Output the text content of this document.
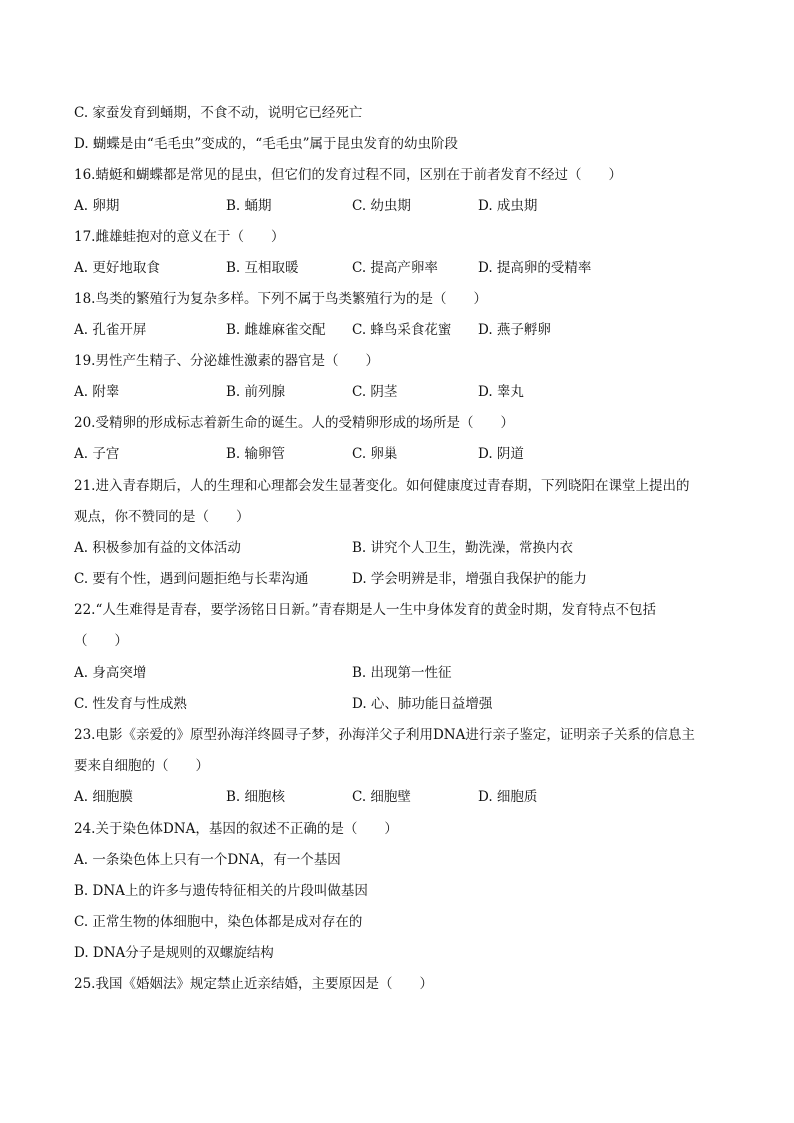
C. 家蚕发育到蛹期，不食不动，说明它已经死亡
D. 蝴蝶是由“毛毛虫”变成的，“毛毛虫”属于昆虫发育的幼虫阶段
16.蜻蜓和蝴蝶都是常见的昆虫，但它们的发育过程不同，区别在于前者发育不经过（　　）
A. 卵期	B. 蛹期	C. 幼虫期	D. 成虫期
17.雌雄蛙抱对的意义在于（　　）
A. 更好地取食	B. 互相取暖	C. 提高产卵率	D. 提高卵的受精率
18.鸟类的繁殖行为复杂多样。下列不属于鸟类繁殖行为的是（　　）
A. 孔雀开屏	B. 雌雄麻雀交配 C. 蜂鸟采食花蜜 D. 燕子孵卵
19.男性产生精子、分泌雄性激素的器官是（　　）
A. 附睾	B. 前列腺	C. 阴茎	D. 睾丸
20.受精卵的形成标志着新生命的诞生。人的受精卵形成的场所是（　　）
A. 子宫	B. 输卵管	C. 卵巢	D. 阴道
21.进入青春期后，人的生理和心理都会发生显著变化。如何健康度过青春期，下列晓阳在课堂上提出的
观点，你不赞同的是（　　）
A. 积极参加有益的文体活动	B. 讲究个人卫生，勤洗澡，常换内衣
C. 要有个性，遇到问题拒绝与长辈沟通	D. 学会明辨是非，增强自我保护的能力
22.“人生难得是青春，要学汤铭日日新。”青春期是人一生中身体发育的黄金时期，发育特点不包括
（　　）
A. 身高突增	B. 出现第一性征
C. 性发育与性成熟	D. 心、肺功能日益增强
23.电影《亲爱的》原型孙海洋终圆寻子梦，孙海洋父子利用DNA进行亲子鉴定，证明亲子关系的信息主
要来自细胞的（　　）
A. 细胞膜	B. 细胞核	C. 细胞壁	D. 细胞质
24.关于染色体DNA，基因的叙述不正确的是（　　）
A. 一条染色体上只有一个DNA，有一个基因
B. DNA上的许多与遗传特征相关的片段叫做基因
C. 正常生物的体细胞中，染色体都是成对存在的
D. DNA分子是规则的双螺旋结构
25.我国《婚姻法》规定禁止近亲结婚，主要原因是（　　）
